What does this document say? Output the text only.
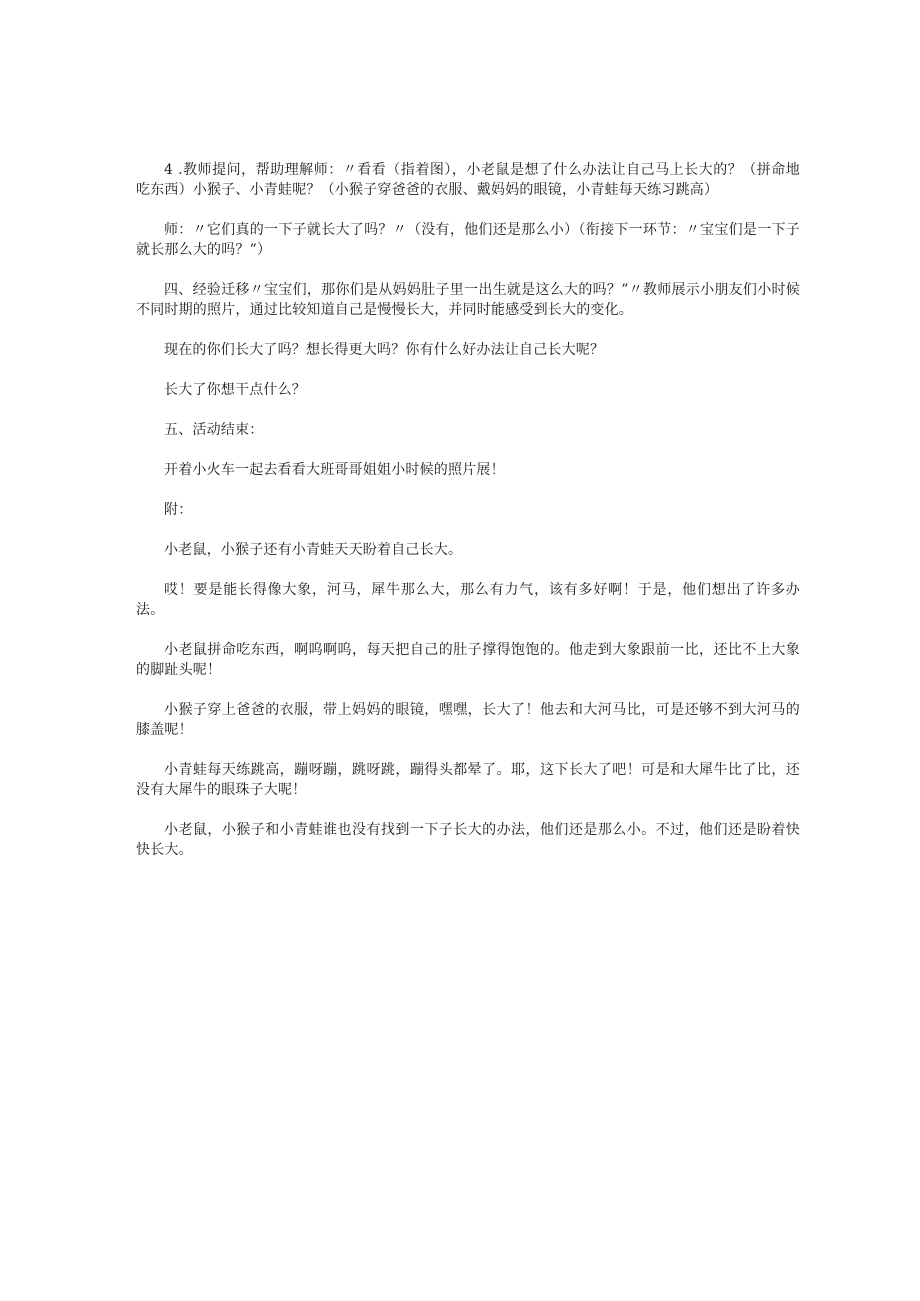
4 .教师提问，帮助理解师：〃看看（指着图），小老鼠是想了什么办法让自己马上长大的？（拼命地吃东西）小猴子、小青蛙呢？（小猴子穿爸爸的衣服、戴妈妈的眼镜，小青蛙每天练习跳高）

师：〃它们真的一下子就长大了吗？〃（没有，他们还是那么小）（衔接下一环节：〃宝宝们是一下子就长那么大的吗？”）

四、经验迁移〃宝宝们，那你们是从妈妈肚子里一出生就是这么大的吗？”〃教师展示小朋友们小时候不同时期的照片，通过比较知道自己是慢慢长大，并同时能感受到长大的变化。

现在的你们长大了吗？想长得更大吗？你有什么好办法让自己长大呢？

长大了你想干点什么？

五、活动结束：

开着小火车一起去看看大班哥哥姐姐小时候的照片展！

附：

小老鼠，小猴子还有小青蛙天天盼着自己长大。

哎！要是能长得像大象，河马，犀牛那么大，那么有力气，该有多好啊！于是，他们想出了许多办法。

小老鼠拼命吃东西，啊呜啊呜，每天把自己的肚子撑得饱饱的。他走到大象跟前一比，还比不上大象的脚趾头呢！

小猴子穿上爸爸的衣服，带上妈妈的眼镜，嘿嘿，长大了！他去和大河马比，可是还够不到大河马的膝盖呢！

小青蛙每天练跳高，蹦呀蹦，跳呀跳，蹦得头都晕了。耶，这下长大了吧！可是和大犀牛比了比，还没有大犀牛的眼珠子大呢！

小老鼠，小猴子和小青蛙谁也没有找到一下子长大的办法，他们还是那么小。不过，他们还是盼着快快长大。
